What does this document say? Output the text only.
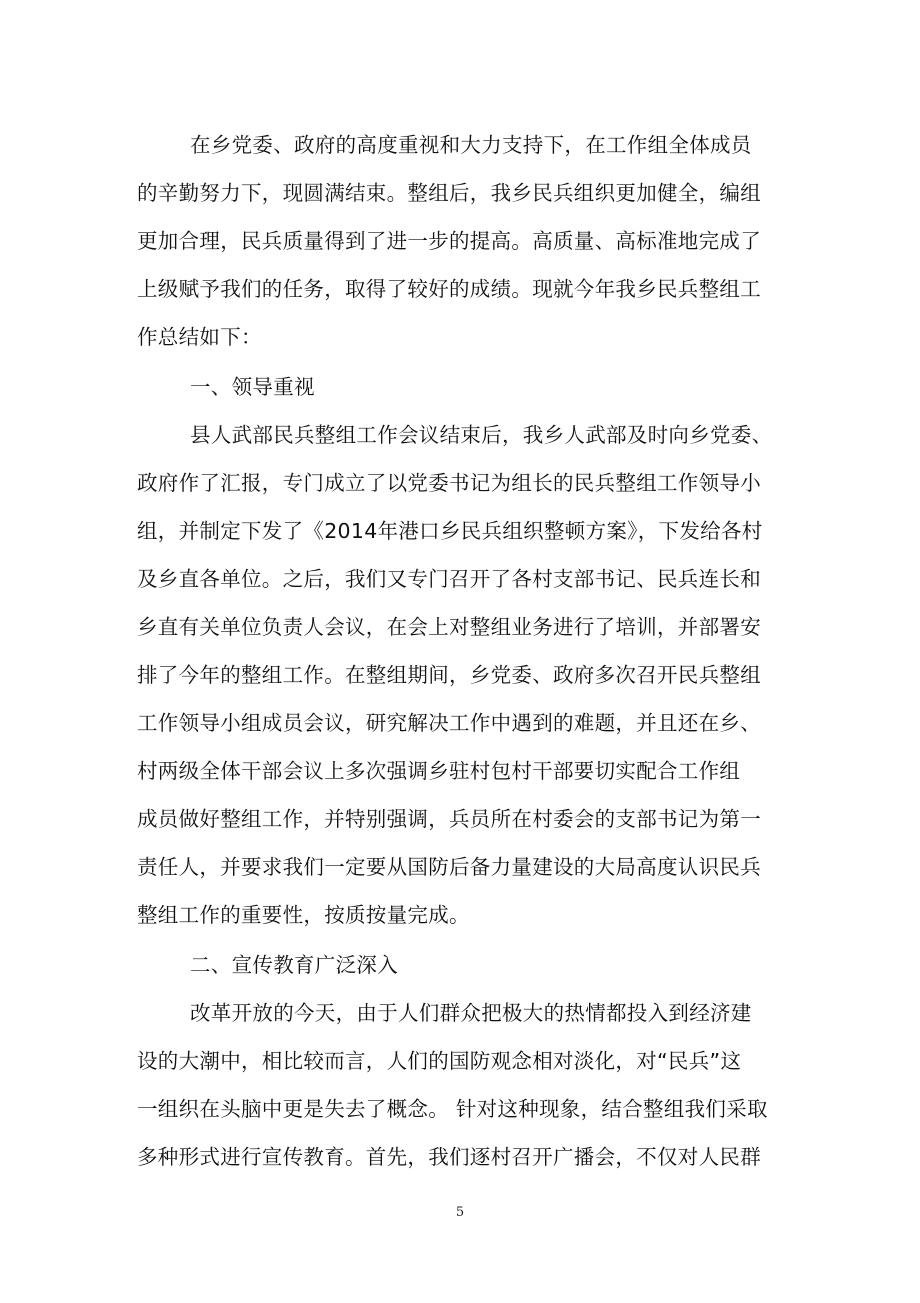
在乡党委、政府的高度重视和大力支持下，在工作组全体成员
的辛勤努力下，现圆满结束。整组后，我乡民兵组织更加健全，编组
更加合理，民兵质量得到了进一步的提高。高质量、高标准地完成了
上级赋予我们的任务，取得了较好的成绩。现就今年我乡民兵整组工
作总结如下：
一、领导重视
县人武部民兵整组工作会议结束后，我乡人武部及时向乡党委、
政府作了汇报，专门成立了以党委书记为组长的民兵整组工作领导小
组，并制定下发了《2014年港口乡民兵组织整顿方案》，下发给各村
及乡直各单位。之后，我们又专门召开了各村支部书记、民兵连长和
乡直有关单位负责人会议，在会上对整组业务进行了培训，并部署安
排了今年的整组工作。在整组期间，乡党委、政府多次召开民兵整组
工作领导小组成员会议，研究解决工作中遇到的难题，并且还在乡、
村两级全体干部会议上多次强调乡驻村包村干部要切实配合工作组
成员做好整组工作，并特别强调，兵员所在村委会的支部书记为第一
责任人，并要求我们一定要从国防后备力量建设的大局高度认识民兵
整组工作的重要性，按质按量完成。
二、宣传教育广泛深入
改革开放的今天，由于人们群众把极大的热情都投入到经济建
设的大潮中，相比较而言，人们的国防观念相对淡化，对“民兵”这
一组织在头脑中更是失去了概念。 针对这种现象，结合整组我们采取
多种形式进行宣传教育。首先，我们逐村召开广播会，不仅对人民群
5
